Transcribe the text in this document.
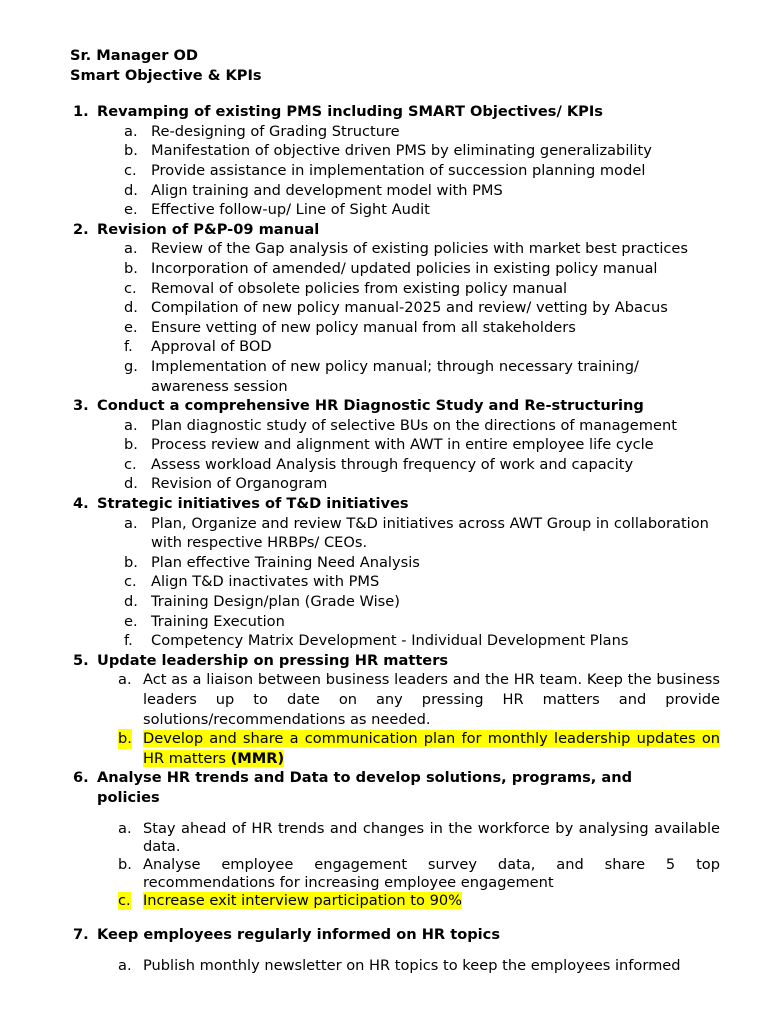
Sr. Manager OD
Smart Objective & KPIs
1. Revamping of existing PMS including SMART Objectives/ KPIs
a. Re-designing of Grading Structure
b. Manifestation of objective driven PMS by eliminating generalizability
c. Provide assistance in implementation of succession planning model
d. Align training and development model with PMS
e. Effective follow-up/ Line of Sight Audit
2. Revision of P&P-09 manual
a. Review of the Gap analysis of existing policies with market best practices
b. Incorporation of amended/ updated policies in existing policy manual
c. Removal of obsolete policies from existing policy manual
d. Compilation of new policy manual-2025 and review/ vetting by Abacus
e. Ensure vetting of new policy manual from all stakeholders
f. Approval of BOD
g. Implementation of new policy manual; through necessary training/ awareness session
3. Conduct a comprehensive HR Diagnostic Study and Re-structuring
a. Plan diagnostic study of selective BUs on the directions of management
b. Process review and alignment with AWT in entire employee life cycle
c. Assess workload Analysis through frequency of work and capacity
d. Revision of Organogram
4. Strategic initiatives of T&D initiatives
a. Plan, Organize and review T&D initiatives across AWT Group in collaboration with respective HRBPs/ CEOs.
b. Plan effective Training Need Analysis
c. Align T&D inactivates with PMS
d. Training Design/plan (Grade Wise)
e. Training Execution
f. Competency Matrix Development - Individual Development Plans
5. Update leadership on pressing HR matters
a. Act as a liaison between business leaders and the HR team. Keep the business leaders up to date on any pressing HR matters and provide solutions/recommendations as needed.
b. Develop and share a communication plan for monthly leadership updates on HR matters (MMR)
6. Analyse HR trends and Data to develop solutions, programs, and policies
a. Stay ahead of HR trends and changes in the workforce by analysing available data.
b. Analyse employee engagement survey data, and share 5 top recommendations for increasing employee engagement
c. Increase exit interview participation to 90%
7. Keep employees regularly informed on HR topics
a. Publish monthly newsletter on HR topics to keep the employees informed
